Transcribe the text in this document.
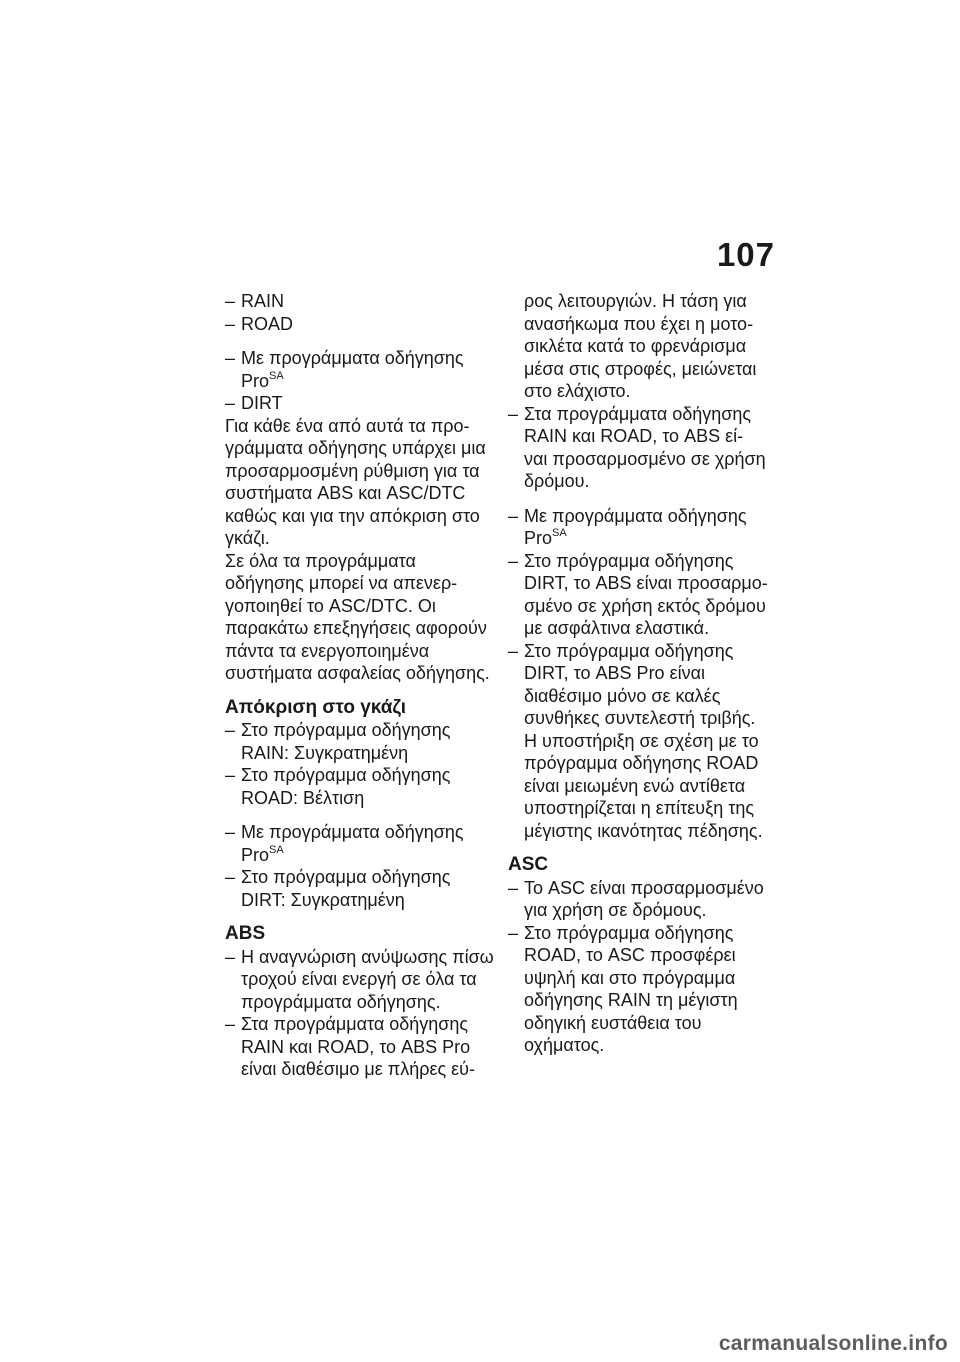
107
– RAIN
– ROAD
– Με προγράμματα οδήγησης
Pro$^{SA}$
– DIRT

Για κάθε ένα από αυτά τα προ-
γράμματα οδήγησης υπάρχει μια
προσαρμοσμένη ρύθμιση για τα
συστήματα ABS και ASC/DTC
καθώς και για την απόκριση στο
γκάζι.

Σε όλα τα προγράμματα
οδήγησης μπορεί να απενερ-
γοποιηθεί το ASC/DTC. Οι
παρακάτω επεξηγήσεις αφορούν
πάντα τα ενεργοποιημένα
συστήματα ασφαλείας οδήγησης.

Απόκριση στο γκάζι
– Στο πρόγραμμα οδήγησης
RAIN: Συγκρατημένη
– Στο πρόγραμμα οδήγησης
ROAD: Βέλτιση
– Με προγράμματα οδήγησης
Pro$^{SA}$
– Στο πρόγραμμα οδήγησης
DIRT: Συγκρατημένη
ABS
– Η αναγνώριση ανύψωσης πίσω
τροχού είναι ενεργή σε όλα τα
προγράμματα οδήγησης.
– Στα προγράμματα οδήγησης
RAIN και ROAD, το ABS Pro
είναι διαθέσιμο με πλήρες εύ-
ρος λειτουργιών. Η τάση για
ανασήκωμα που έχει η μοτο-
σικλέτα κατά το φρενάρισμα
μέσα στις στροφές, μειώνεται
στο ελάχιστο.
– Στα προγράμματα οδήγησης
RAIN και ROAD, το ABS εί-
ναι προσαρμοσμένο σε χρήση
δρόμου.
– Με προγράμματα οδήγησης
Pro$^{SA}$
– Στο πρόγραμμα οδήγησης
DIRT, το ABS είναι προσαρμο-
σμένο σε χρήση εκτός δρόμου
με ασφάλτινα ελαστικά.
– Στο πρόγραμμα οδήγησης
DIRT, το ABS Pro είναι
διαθέσιμο μόνο σε καλές
συνθήκες συντελεστή τριβής.
Η υποστήριξη σε σχέση με το
πρόγραμμα οδήγησης ROAD
είναι μειωμένη ενώ αντίθετα
υποστηρίζεται η επίτευξη της
μέγιστης ικανότητας πέδησης.
ASC
– Το ASC είναι προσαρμοσμένο
για χρήση σε δρόμους.
– Στο πρόγραμμα οδήγησης
ROAD, το ASC προσφέρει
υψηλή και στο πρόγραμμα
οδήγησης RAIN τη μέγιστη
οδηγική ευστάθεια του
οχήματος.
carmanualsonline.info
